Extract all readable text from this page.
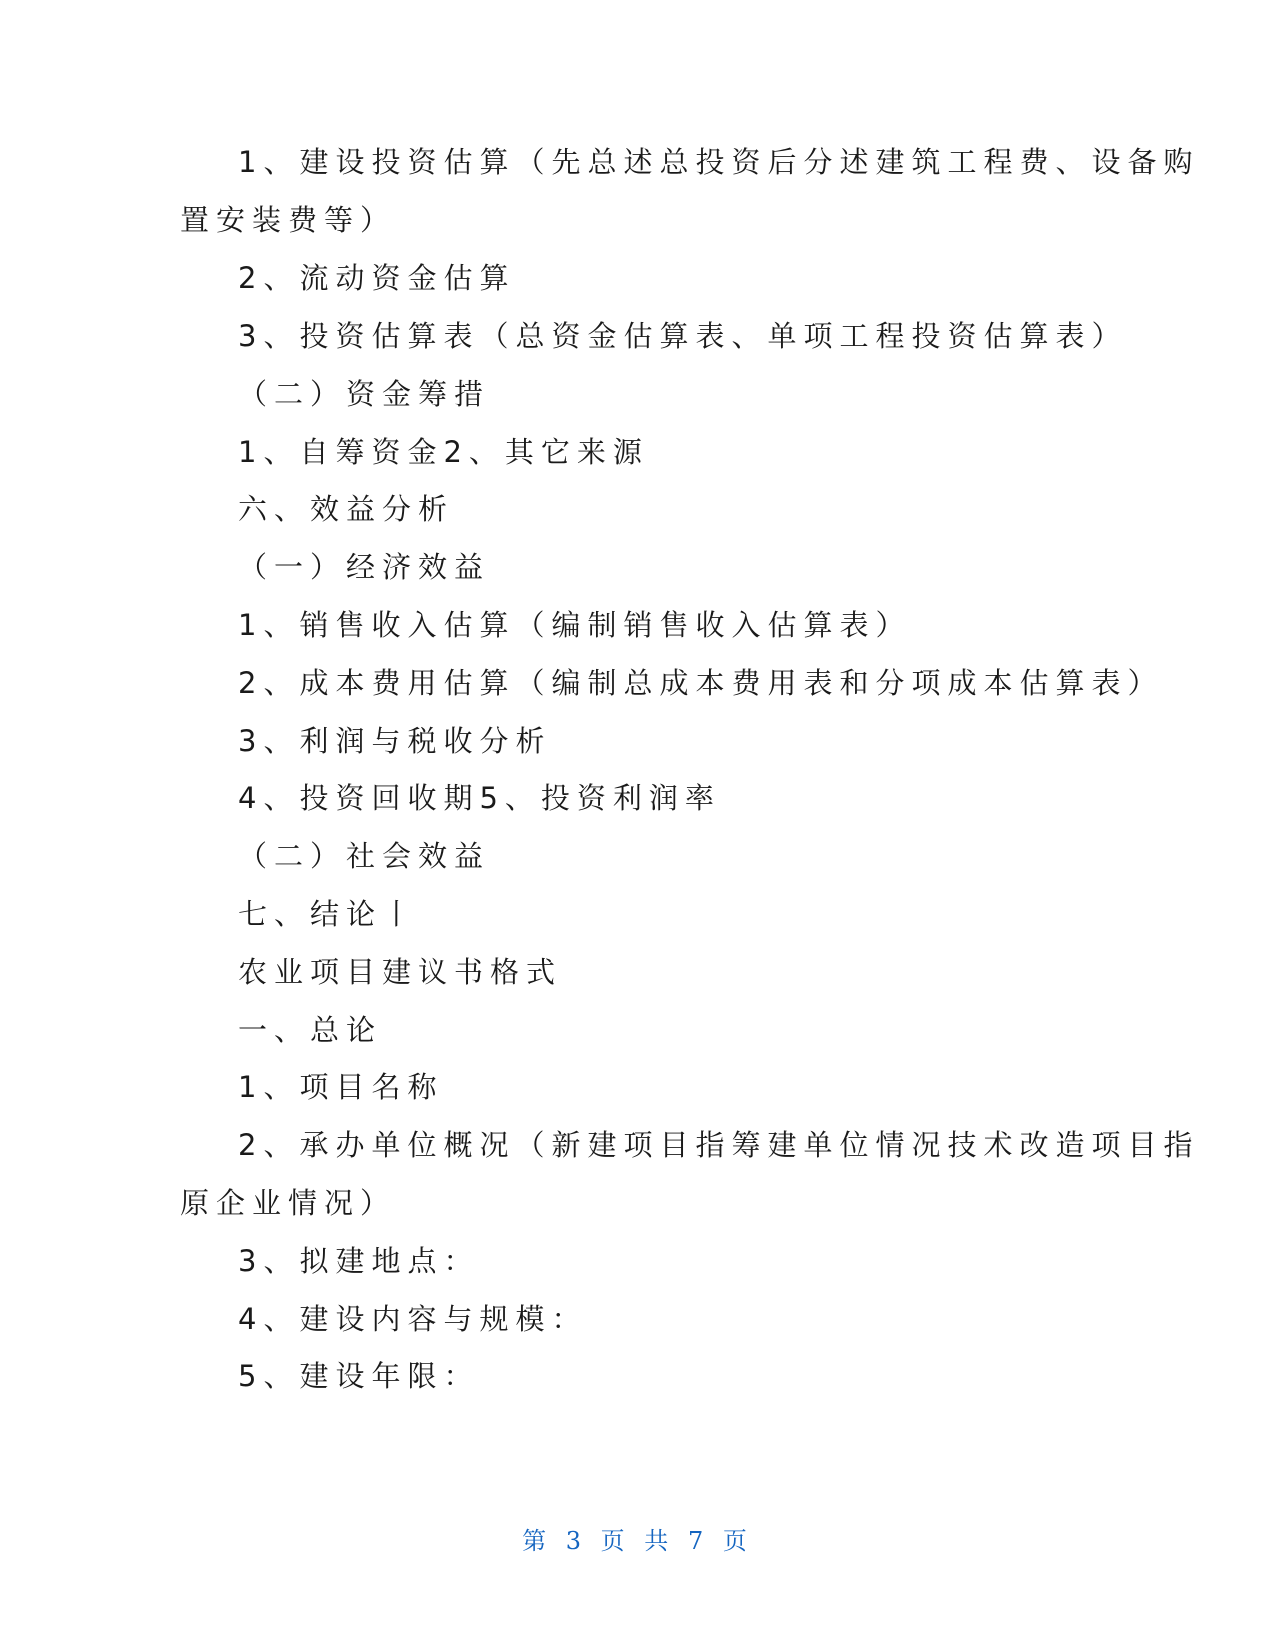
1、建设投资估算（先总述总投资后分述建筑工程费、设备购
置安装费等）
2、流动资金估算
3、投资估算表（总资金估算表、单项工程投资估算表）
（二）资金筹措
1、自筹资金2、其它来源
六、效益分析
（一）经济效益
1、销售收入估算（编制销售收入估算表）
2、成本费用估算（编制总成本费用表和分项成本估算表）
3、利润与税收分析
4、投资回收期5、投资利润率
（二）社会效益
七、结论丨
农业项目建议书格式
一、总论
1、项目名称
2、承办单位概况（新建项目指筹建单位情况技术改造项目指
原企业情况）
3、拟建地点：
4、建设内容与规模：
5、建设年限：
第 3 页 共 7 页
